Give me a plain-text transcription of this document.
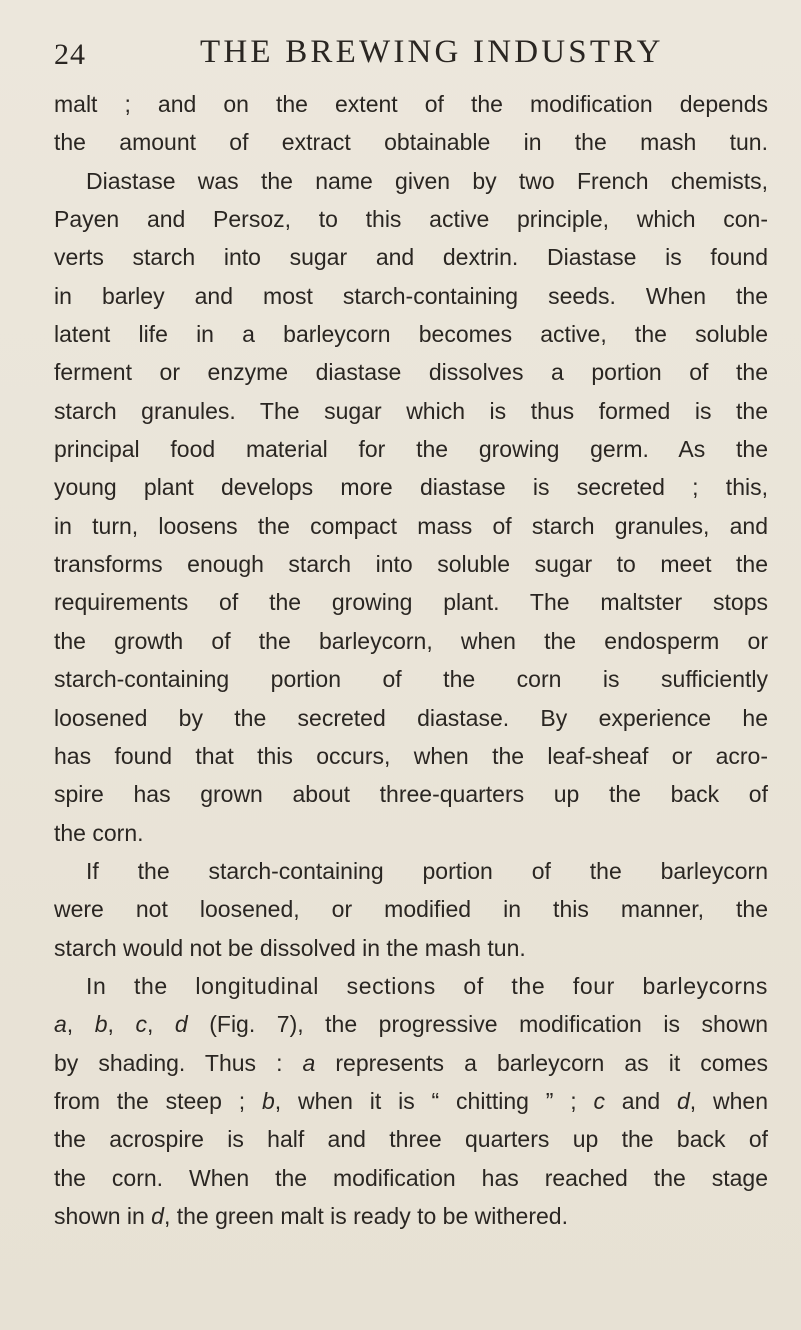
24	THE BREWING INDUSTRY
malt ; and on the extent of the modification depends
the amount of extract obtainable in the mash tun.
Diastase was the name given by two French chemists,
Payen and Persoz, to this active principle, which con-
verts starch into sugar and dextrin. Diastase is found
in barley and most starch-containing seeds. When the
latent life in a barleycorn becomes active, the soluble
ferment or enzyme diastase dissolves a portion of the
starch granules. The sugar which is thus formed is the
principal food material for the growing germ. As the
young plant develops more diastase is secreted ; this,
in turn, loosens the compact mass of starch granules, and
transforms enough starch into soluble sugar to meet the
requirements of the growing plant. The maltster stops
the growth of the barleycorn, when the endosperm or
starch-containing portion of the corn is sufficiently
loosened by the secreted diastase. By experience he
has found that this occurs, when the leaf-sheaf or acro-
spire has grown about three-quarters up the back of
the corn.
If the starch-containing portion of the barleycorn
were not loosened, or modified in this manner, the
starch would not be dissolved in the mash tun.
In the longitudinal sections of the four barleycorns
a, b, c, d (Fig. 7), the progressive modification is shown
by shading. Thus : a represents a barleycorn as it comes
from the steep ; b, when it is “ chitting ” ; c and d, when
the acrospire is half and three quarters up the back of
the corn. When the modification has reached the stage
shown in d, the green malt is ready to be withered.
